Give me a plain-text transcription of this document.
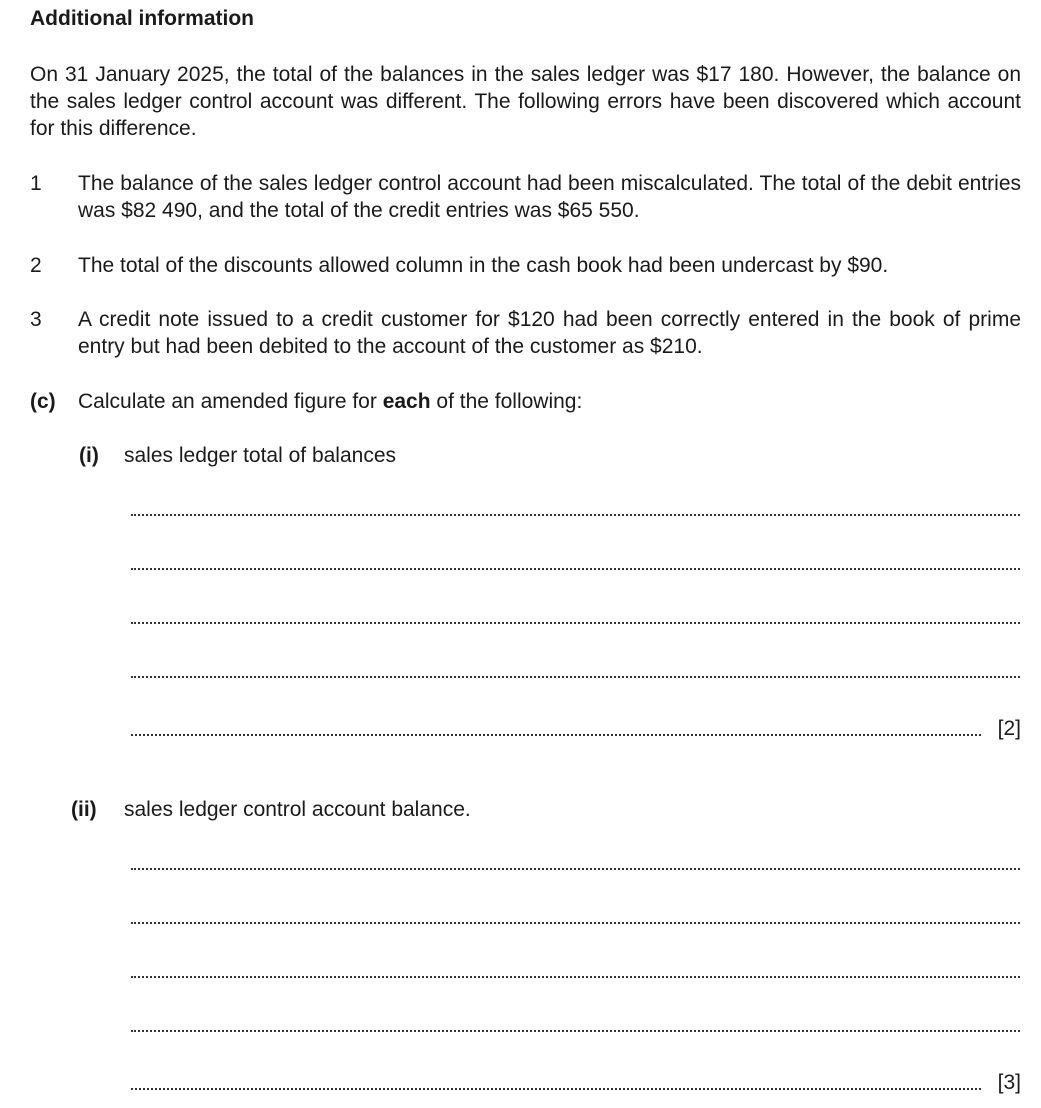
Additional information
On 31 January 2025, the total of the balances in the sales ledger was $17 180. However, the balance on the sales ledger control account was different. The following errors have been discovered which account for this difference.
1 The balance of the sales ledger control account had been miscalculated. The total of the debit entries was $82 490, and the total of the credit entries was $65 550.
2 The total of the discounts allowed column in the cash book had been undercast by $90.
3 A credit note issued to a credit customer for $120 had been correctly entered in the book of prime entry but had been debited to the account of the customer as $210.
(c) Calculate an amended figure for each of the following:
(i) sales ledger total of balances
[2]
(ii) sales ledger control account balance.
[3]
